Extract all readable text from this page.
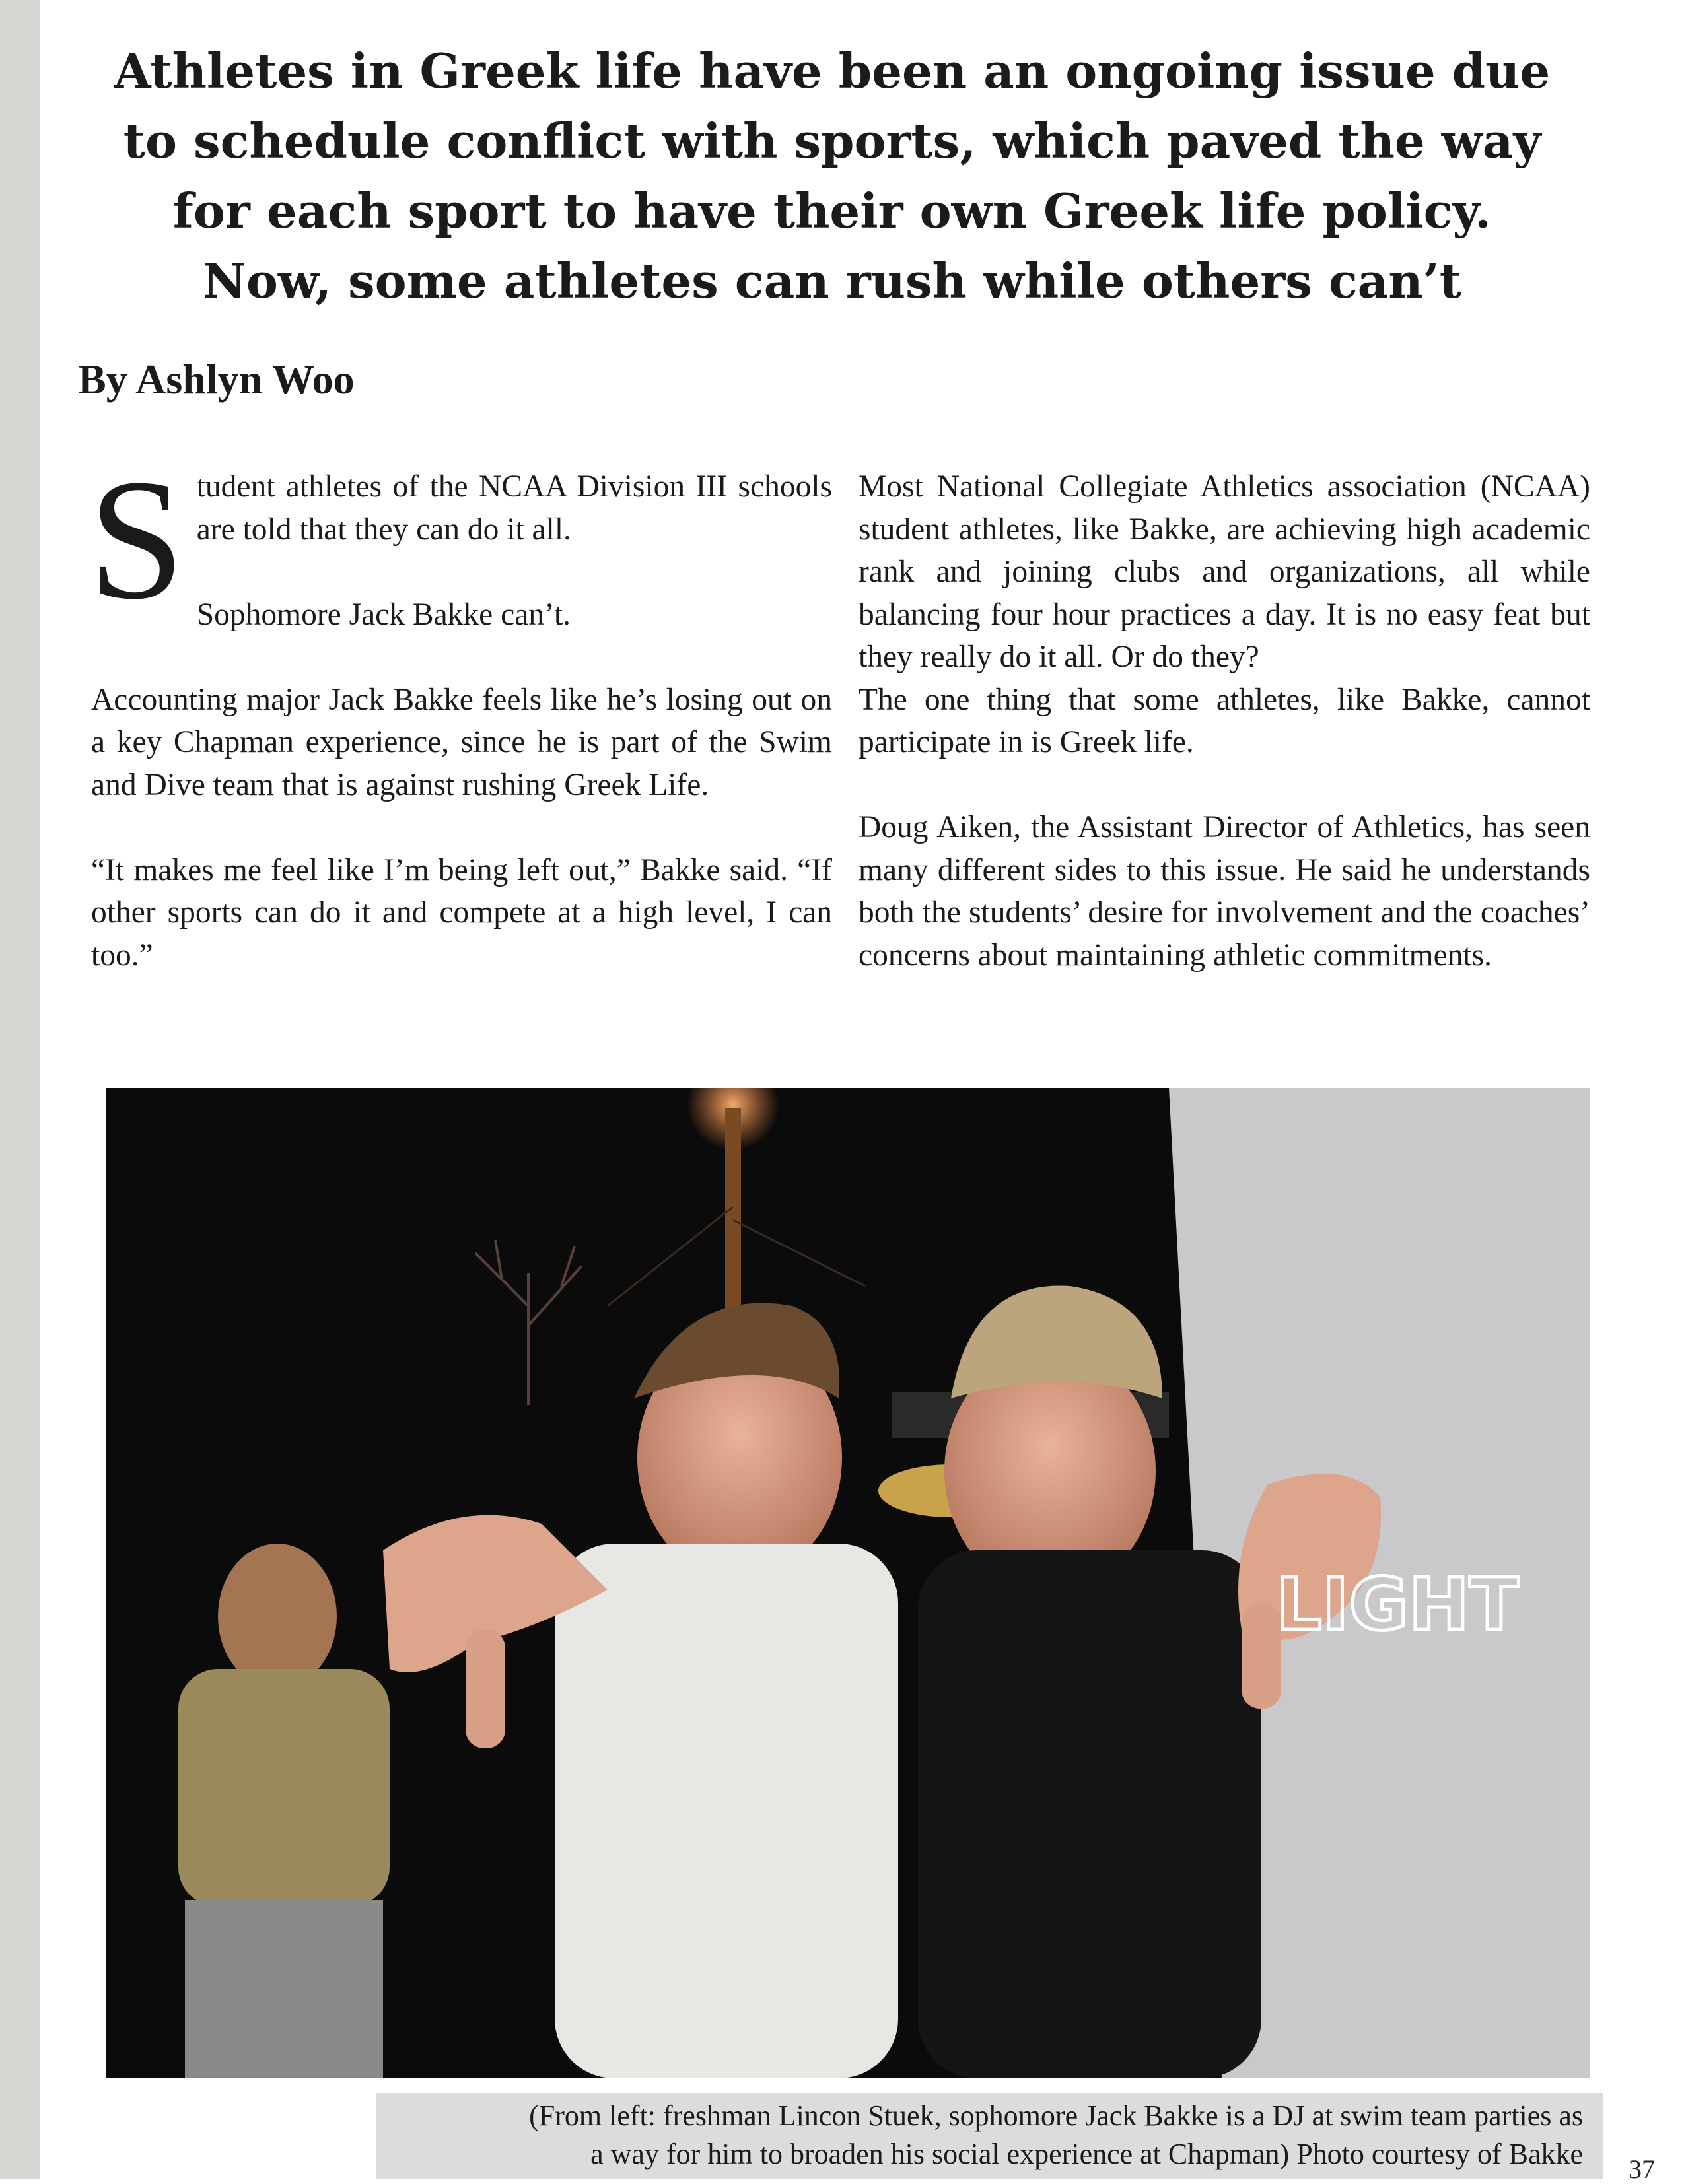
Athletes in Greek life have been an ongoing issue due
to schedule conflict with sports, which paved the way
for each sport to have their own Greek life policy.
Now, some athletes can rush while others can’t

By Ashlyn Woo

Student athletes of the NCAA Division III schools are told that they can do it all.

Sophomore Jack Bakke can’t.

Accounting major Jack Bakke feels like he’s losing out on a key Chapman experience, since he is part of the Swim and Dive team that is against rushing Greek Life.

“It makes me feel like I’m being left out,” Bakke said. “If other sports can do it and compete at a high level, I can too.”

Most National Collegiate Athletics association (NCAA) student athletes, like Bakke, are achieving high academic rank and joining clubs and organizations, all while balancing four hour practices a day. It is no easy feat but they really do it all. Or do they?

The one thing that some athletes, like Bakke, cannot participate in is Greek life.

Doug Aiken, the Assistant Director of Athletics, has seen many different sides to this issue. He said he understands both the students’ desire for involvement and the coaches’ concerns about maintaining athletic commitments.

LIGHT

(From left: freshman Lincon Stuek, sophomore Jack Bakke is a DJ at swim team parties as
a way for him to broaden his social experience at Chapman) Photo courtesy of Bakke 37
